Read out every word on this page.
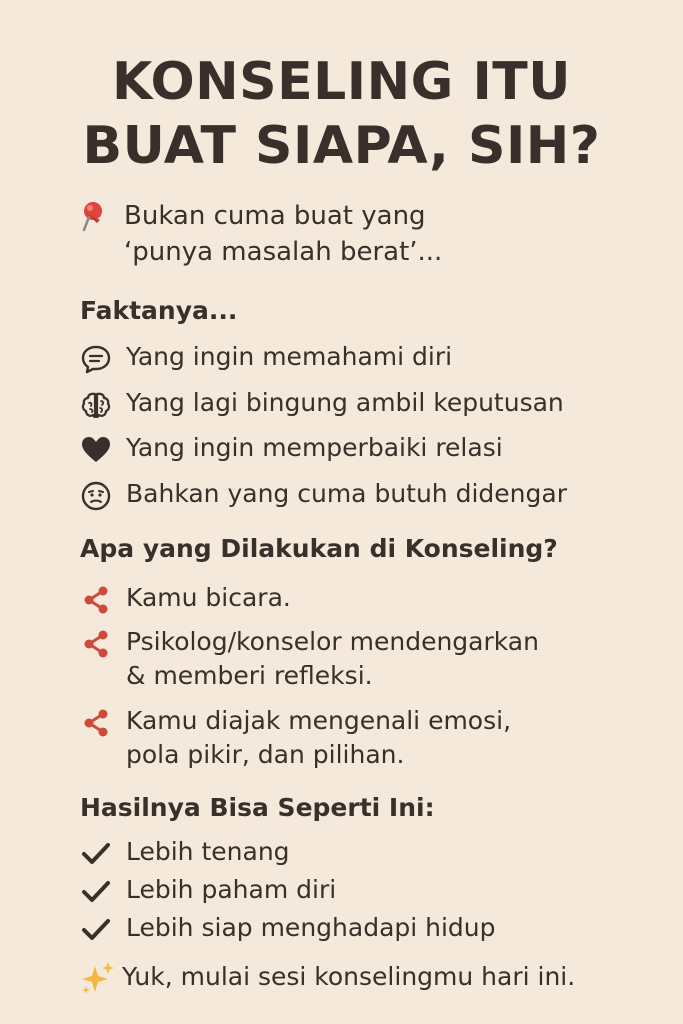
KONSELING ITU
BUAT SIAPA, SIH?
Bukan cuma buat yang
‘punya masalah berat’...
Faktanya...
Yang ingin memahami diri
Yang lagi bingung ambil keputusan
Yang ingin memperbaiki relasi
Bahkan yang cuma butuh didengar
Apa yang Dilakukan di Konseling?
Kamu bicara.
Psikolog/konselor mendengarkan
& memberi refleksi.
Kamu diajak mengenali emosi,
pola pikir, dan pilihan.
Hasilnya Bisa Seperti Ini:
Lebih tenang
Lebih paham diri
Lebih siap menghadapi hidup
Yuk, mulai sesi konselingmu hari ini.
